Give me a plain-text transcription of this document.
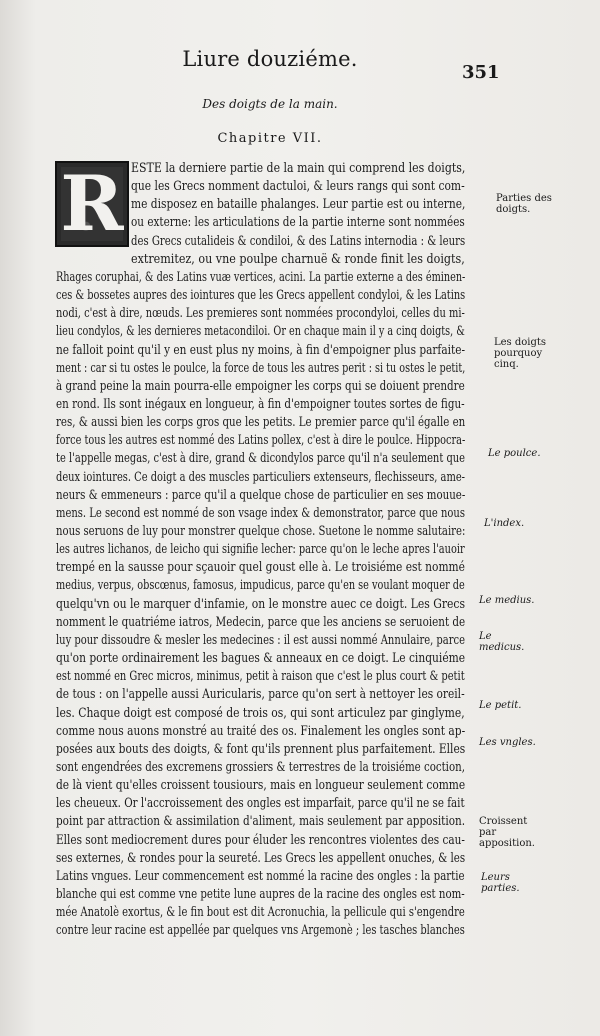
Liure douziéme.
351
Des doigts de la main.
Chapitre VII.
R ESTE la derniere partie de la main qui comprend les doigts,
que les Grecs nomment dactuloi, & leurs rangs qui sont com-
me disposez en bataille phalanges. Leur partie est ou interne,
ou externe: les articulations de la partie interne sont nommées
des Grecs cutalideis & condiloi, & des Latins internodia : & leurs
extremitez, ou vne poulpe charnuë & ronde finit les doigts,
Rhages coruphai, & des Latins vuæ vertices, acini. La partie externe a des éminen-
ces & bossetes aupres des iointures que les Grecs appellent condyloi, & les Latins
nodi, c'est à dire, nœuds. Les premieres sont nommées procondyloi, celles du mi-
lieu condylos, & les dernieres metacondiloi. Or en chaque main il y a cinq doigts, &
ne falloit point qu'il y en eust plus ny moins, à fin d'empoigner plus parfaite-
ment : car si tu ostes le poulce, la force de tous les autres perit : si tu ostes le petit,
à grand peine la main pourra-elle empoigner les corps qui se doiuent prendre
en rond. Ils sont inégaux en longueur, à fin d'empoigner toutes sortes de figu-
res, & aussi bien les corps gros que les petits. Le premier parce qu'il égalle en
force tous les autres est nommé des Latins pollex, c'est à dire le poulce. Hippocra-
te l'appelle megas, c'est à dire, grand & dicondylos parce qu'il n'a seulement que
deux iointures. Ce doigt a des muscles particuliers extenseurs, flechisseurs, ame-
neurs & emmeneurs : parce qu'il a quelque chose de particulier en ses mouue-
mens. Le second est nommé de son vsage index & demonstrator, parce que nous
nous seruons de luy pour monstrer quelque chose. Suetone le nomme salutaire:
les autres lichanos, de leicho qui signifie lecher: parce qu'on le leche apres l'auoir
trempé en la sausse pour sçauoir quel goust elle à. Le troisiéme est nommé
medius, verpus, obscœnus, famosus, impudicus, parce qu'en se voulant moquer de
quelqu'vn ou le marquer d'infamie, on le monstre auec ce doigt. Les Grecs
nomment le quatriéme iatros, Medecin, parce que les anciens se seruoient de
luy pour dissoudre & mesler les medecines : il est aussi nommé Annulaire, parce
qu'on porte ordinairement les bagues & anneaux en ce doigt. Le cinquiéme
est nommé en Grec micros, minimus, petit à raison que c'est le plus court & petit
de tous : on l'appelle aussi Auricularis, parce qu'on sert à nettoyer les oreil-
les. Chaque doigt est composé de trois os, qui sont articulez par ginglyme,
comme nous auons monstré au traité des os. Finalement les ongles sont ap-
posées aux bouts des doigts, & font qu'ils prennent plus parfaitement. Elles
sont engendrées des excremens grossiers & terrestres de la troisiéme coction,
de là vient qu'elles croissent tousiours, mais en longueur seulement comme
les cheueux. Or l'accroissement des ongles est imparfait, parce qu'il ne se fait
point par attraction & assimilation d'aliment, mais seulement par apposition.
Elles sont mediocrement dures pour éluder les rencontres violentes des cau-
ses externes, & rondes pour la seureté. Les Grecs les appellent onuches, & les
Latins vngues. Leur commencement est nommé la racine des ongles : la partie
blanche qui est comme vne petite lune aupres de la racine des ongles est nom-
mée Anatolè exortus, & le fin bout est dit Acronuchia, la pellicule qui s'engendre
contre leur racine est appellée par quelques vns Argemonè ; les tasches blanches
Parties des doigts.
Les doigts pourquoy cinq.
Le poulce.
L'index.
Le medius.
Le medicus.
Le petit.
Les vngles.
Croissent par apposition.
Leurs parties.
